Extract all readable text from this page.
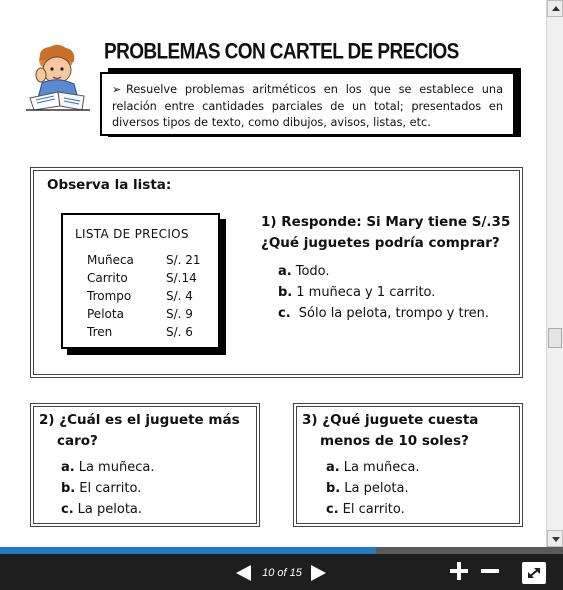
PROBLEMAS CON CARTEL DE PRECIOS
➢ Resuelve problemas aritméticos en los que se establece una relación entre cantidades parciales de un total; presentados en diversos tipos de texto, como dibujos, avisos, listas, etc.
Observa la lista:
LISTA DE PRECIOS
Muñeca	S/. 21
Carrito	S/.14
Trompo	S/. 4
Pelota	S/. 9
Tren	S/. 6
1) Responde: Si Mary tiene S/.35
¿Qué juguetes podría comprar?
a. Todo.
b. 1 muñeca y 1 carrito.
c. Sólo la pelota, trompo y tren.
2) ¿Cuál es el juguete más
caro?
a. La muñeca.
b. El carrito.
c. La pelota.
3) ¿Qué juguete cuesta
menos de 10 soles?
a. La muñeca.
b. La pelota.
c. El carrito.
10 of 15
